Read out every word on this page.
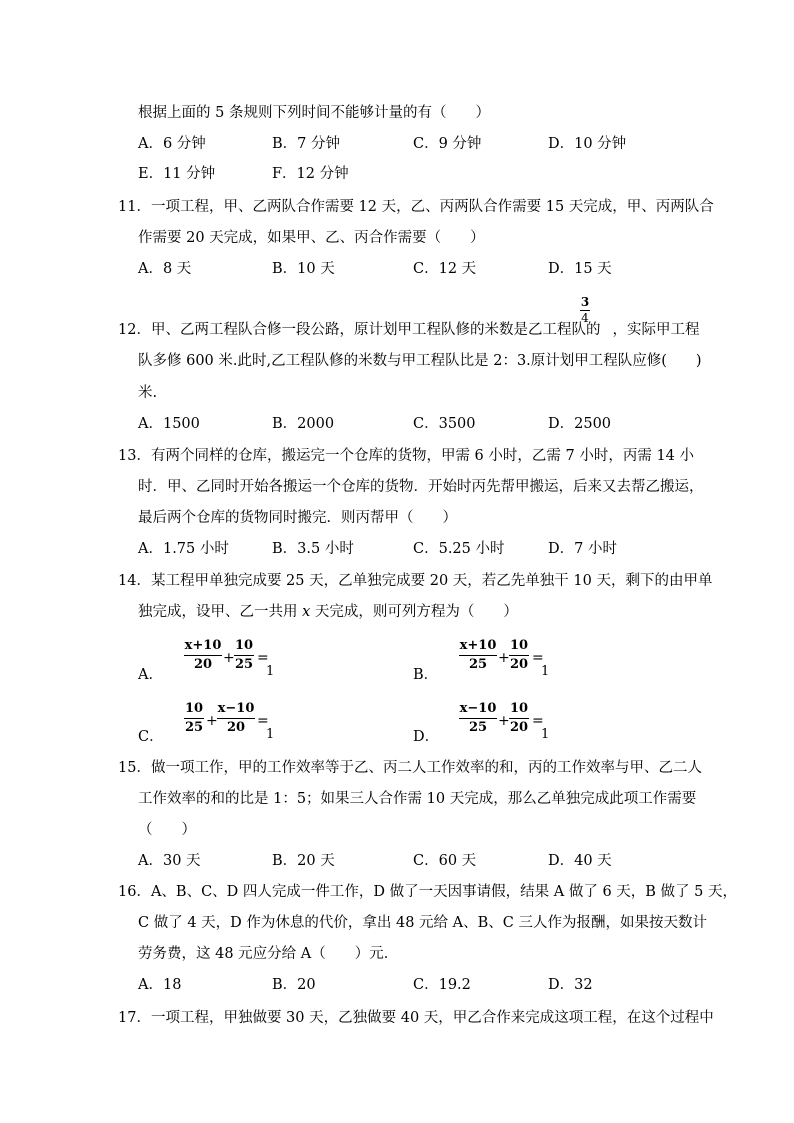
根据上面的 5 条规则下列时间不能够计量的有（　　）
A．6 分钟	B．7 分钟	C．9 分钟	D．10 分钟
E．11 分钟	F．12 分钟
11．一项工程，甲、乙两队合作需要 12 天，乙、丙两队合作需要 15 天完成，甲、丙两队合
作需要 20 天完成，如果甲、乙、丙合作需要（　　）
A．8 天	B．10 天	C．12 天	D．15 天
3
4
12．甲、乙两工程队合修一段公路，原计划甲工程队修的米数是乙工程队的 ，实际甲工程
队多修 600 米.此时,乙工程队修的米数与甲工程队比是 2：3.原计划甲工程队应修(　　)
米.
A．1500	B．2000	C．3500	D．2500
13．有两个同样的仓库，搬运完一个仓库的货物，甲需 6 小时，乙需 7 小时，丙需 14 小
时．甲、乙同时开始各搬运一个仓库的货物．开始时丙先帮甲搬运，后来又去帮乙搬运，
最后两个仓库的货物同时搬完．则丙帮甲（　　）
A．1.75 小时	B．3.5 小时	C．5.25 小时	D．7 小时
14．某工程甲单独完成要 25 天，乙单独完成要 20 天，若乙先单独干 10 天，剩下的由甲单
独完成，设甲、乙一共用 x 天完成，则可列方程为（　　）
A．
x+10
20 +
10
25 =
1	B．
x+10
25 +
10
20 =
1
C．
10
25 +
x−10
20 =
1	D．
x−10
25 +
10
20 =
1
15．做一项工作，甲的工作效率等于乙、丙二人工作效率的和，丙的工作效率与甲、乙二人
工作效率的和的比是 1：5；如果三人合作需 10 天完成，那么乙单独完成此项工作需要
（　　）
A．30 天	B．20 天	C．60 天	D．40 天
16．A、B、C、D 四人完成一件工作，D 做了一天因事请假，结果 A 做了 6 天，B 做了 5 天，
C 做了 4 天，D 作为休息的代价，拿出 48 元给 A、B、C 三人作为报酬，如果按天数计
劳务费，这 48 元应分给 A（　　）元．
A．18	B．20	C．19.2	D．32
17．一项工程，甲独做要 30 天，乙独做要 40 天，甲乙合作来完成这项工程，在这个过程中
